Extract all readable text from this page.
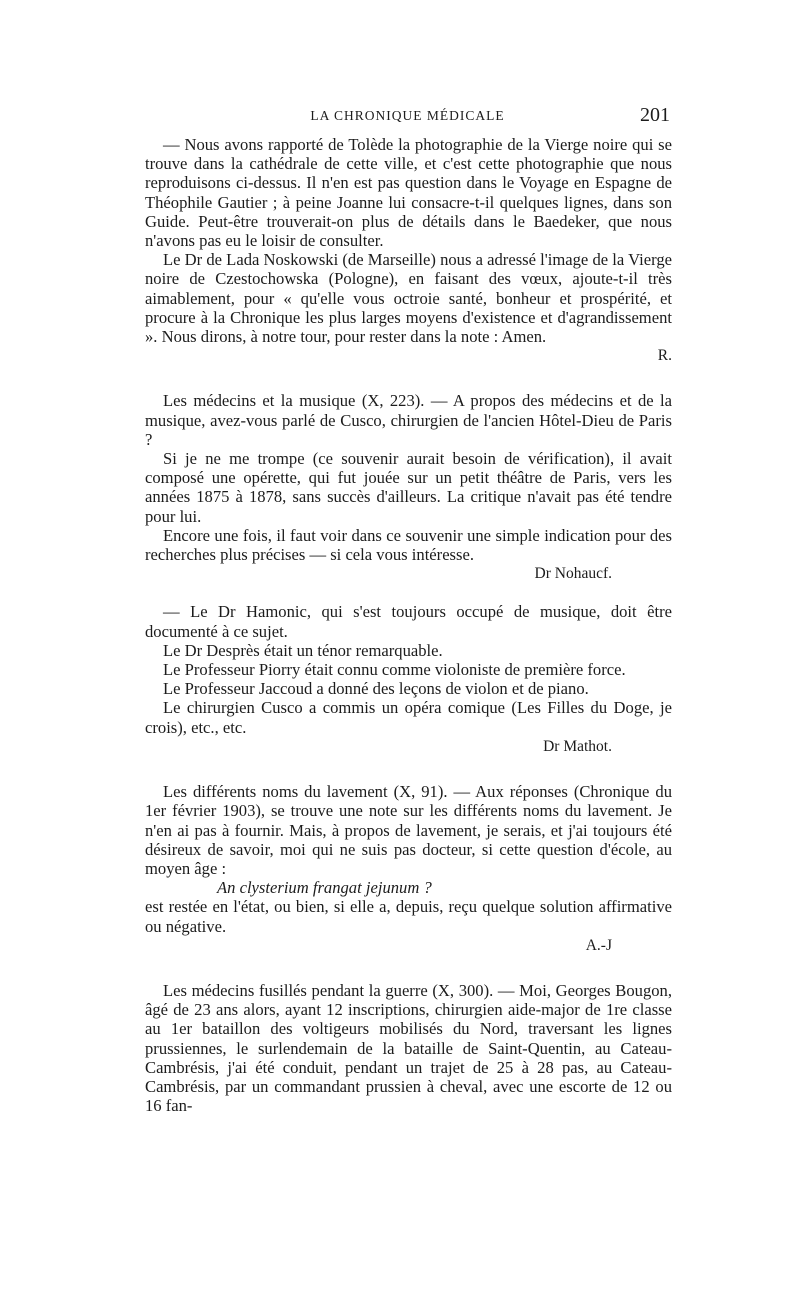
LA CHRONIQUE MÉDICALE	201

— Nous avons rapporté de Tolède la photographie de la Vierge noire qui se trouve dans la cathédrale de cette ville, et c'est cette photographie que nous reproduisons ci-dessus. Il n'en est pas question dans le Voyage en Espagne de Théophile Gautier ; à peine Joanne lui consacre-t-il quelques lignes, dans son Guide. Peut-être trouverait-on plus de détails dans le Baedeker, que nous n'avons pas eu le loisir de consulter.

Le Dr de Lada Noskowski (de Marseille) nous a adressé l'image de la Vierge noire de Czestochowska (Pologne), en faisant des vœux, ajoute-t-il très aimablement, pour « qu'elle vous octroie santé, bonheur et prospérité, et procure à la Chronique les plus larges moyens d'existence et d'agrandissement ». Nous dirons, à notre tour, pour rester dans la note : Amen.

R.

Les médecins et la musique (X, 223). — A propos des médecins et de la musique, avez-vous parlé de Cusco, chirurgien de l'ancien Hôtel-Dieu de Paris ?

Si je ne me trompe (ce souvenir aurait besoin de vérification), il avait composé une opérette, qui fut jouée sur un petit théâtre de Paris, vers les années 1875 à 1878, sans succès d'ailleurs. La critique n'avait pas été tendre pour lui.

Encore une fois, il faut voir dans ce souvenir une simple indication pour des recherches plus précises — si cela vous intéresse.

Dr Nohaucf.

— Le Dr Hamonic, qui s'est toujours occupé de musique, doit être documenté à ce sujet.

Le Dr Desprès était un ténor remarquable.

Le Professeur Piorry était connu comme violoniste de première force.

Le Professeur Jaccoud a donné des leçons de violon et de piano.

Le chirurgien Cusco a commis un opéra comique (Les Filles du Doge, je crois), etc., etc.

Dr Mathot.

Les différents noms du lavement (X, 91). — Aux réponses (Chronique du 1er février 1903), se trouve une note sur les différents noms du lavement. Je n'en ai pas à fournir. Mais, à propos de lavement, je serais, et j'ai toujours été désireux de savoir, moi qui ne suis pas docteur, si cette question d'école, au moyen âge :

An clysterium frangat jejunum ?

est restée en l'état, ou bien, si elle a, depuis, reçu quelque solution affirmative ou négative.

A.-J

Les médecins fusillés pendant la guerre (X, 300). — Moi, Georges Bougon, âgé de 23 ans alors, ayant 12 inscriptions, chirurgien aide-major de 1re classe au 1er bataillon des voltigeurs mobilisés du Nord, traversant les lignes prussiennes, le surlendemain de la bataille de Saint-Quentin, au Cateau-Cambrésis, j'ai été conduit, pendant un trajet de 25 à 28 pas, au Cateau-Cambrésis, par un commandant prussien à cheval, avec une escorte de 12 ou 16 fan-
